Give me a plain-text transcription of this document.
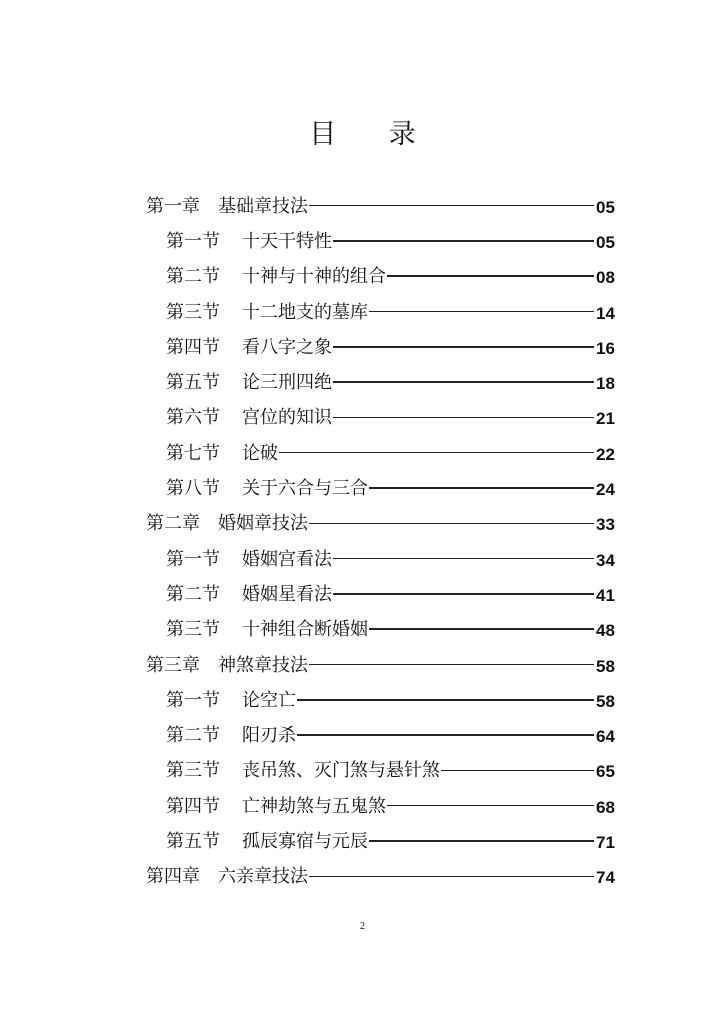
目 录
第一章 基础章技法	05
第一节 十天干特性	05
第二节 十神与十神的组合	08
第三节 十二地支的墓库	14
第四节 看八字之象	16
第五节 论三刑四绝	18
第六节 宫位的知识	21
第七节 论破	22
第八节 关于六合与三合	24
第二章 婚姻章技法	33
第一节 婚姻宫看法	34
第二节 婚姻星看法	41
第三节 十神组合断婚姻	48
第三章 神煞章技法	58
第一节 论空亡	58
第二节 阳刃杀	64
第三节 丧吊煞、灭门煞与悬针煞	65
第四节 亡神劫煞与五鬼煞	68
第五节 孤辰寡宿与元辰	71
第四章 六亲章技法	74
2
